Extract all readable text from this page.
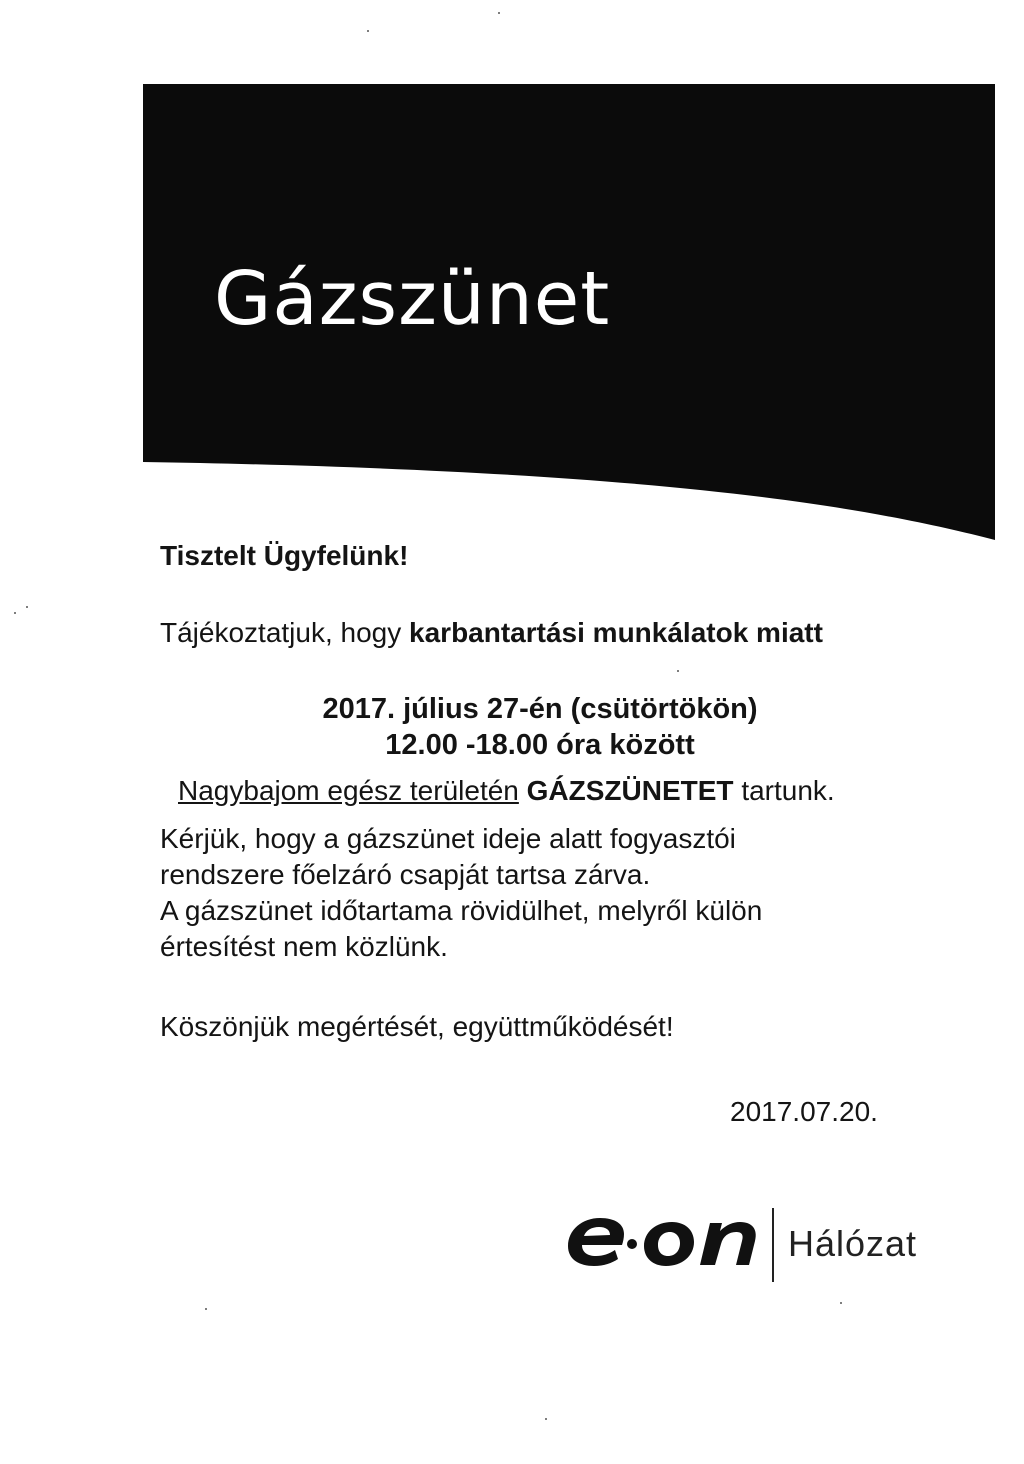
Gázszünet

Tisztelt Ügyfelünk!

Tájékoztatjuk, hogy karbantartási munkálatok miatt

2017. július 27-én (csütörtökön)
12.00 -18.00 óra között

Nagybajom egész területén GÁZSZÜNETET tartunk.

Kérjük, hogy a gázszünet ideje alatt fogyasztói
rendszere főelzáró csapját tartsa zárva.
A gázszünet időtartama rövidülhet, melyről külön
értesítést nem közlünk.

Köszönjük megértését, együttműködését!

2017.07.20.

Hálózat
